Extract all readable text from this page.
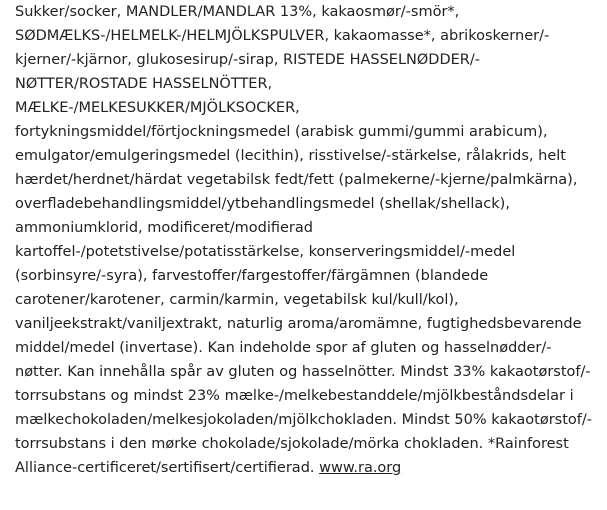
Sukker/socker, MANDLER/MANDLAR 13%, kakaosmør/-smör*,
SØDMÆLKS-/HELMELK-/HELMJÖLKSPULVER, kakaomasse*, abrikoskerner/-
kjerner/-kjärnor, glukosesirup/-sirap, RISTEDE HASSELNØDDER/-
NØTTER/ROSTADE HASSELNÖTTER,
MÆLKE-/MELKESUKKER/MJÖLKSOCKER,
fortykningsmiddel/förtjockningsmedel (arabisk gummi/gummi arabicum),
emulgator/emulgeringsmedel (lecithin), risstivelse/-stärkelse, rålakrids, helt
hærdet/herdnet/härdat vegetabilsk fedt/fett (palmekerne/-kjerne/palmkärna),
overfladebehandlingsmiddel/ytbehandlingsmedel (shellak/shellack),
ammoniumklorid, modificeret/modifierad
kartoffel-/potetstivelse/potatisstärkelse, konserveringsmiddel/-medel
(sorbinsyre/-syra), farvestoffer/fargestoffer/färgämnen (blandede
carotener/karotener, carmin/karmin, vegetabilsk kul/kull/kol),
vaniljeekstrakt/vaniljextrakt, naturlig aroma/aromämne, fugtighedsbevarende
middel/medel (invertase). Kan indeholde spor af gluten og hasselnødder/-
nøtter. Kan innehålla spår av gluten og hasselnötter. Mindst 33% kakaotørstof/-
torrsubstans og mindst 23% mælke-/melkebestanddele/mjölkbeståndsdelar i
mælkechokoladen/melkesjokoladen/mjölkchokladen. Mindst 50% kakaotørstof/-
torrsubstans i den mørke chokolade/sjokolade/mörka chokladen. *Rainforest
Alliance-certificeret/sertifisert/certifierad. www.ra.org
